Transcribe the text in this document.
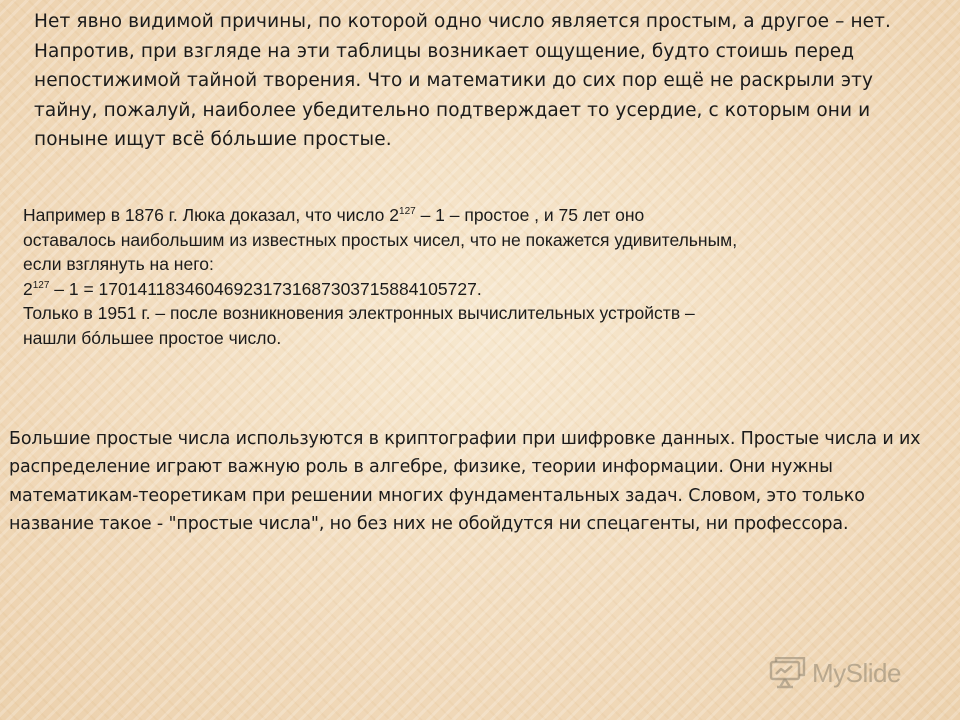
Нет явно видимой причины, по которой одно число является простым, а другое – нет. Напротив, при взгляде на эти таблицы возникает ощущение, будто стоишь перед непостижимой тайной творения. Что и математики до сих пор ещё не раскрыли эту тайну, пожалуй, наиболее убедительно подтверждает то усердие, с которым они и поныне ищут всё бóльшие простые.

Например в 1876 г. Люка доказал, что число $2^{127} - 1$ – простое , и 75 лет оно
оставалось наибольшим из известных простых чисел, что не покажется удивительным,
если взглянуть на него:
$2^{127} - 1 = 170141183460469231731687303715884105727$.
Только в 1951 г. – после возникновения электронных вычислительных устройств –
нашли бóльшее простое число.

Большие простые числа используются в криптографии при шифровке данных. Простые числа и их распределение играют важную роль в алгебре, физике, теории информации. Они нужны математикам-теоретикам при решении многих фундаментальных задач. Словом, это только название такое - "простые числа", но без них не обойдутся ни спецагенты, ни профессора.

MySlide
